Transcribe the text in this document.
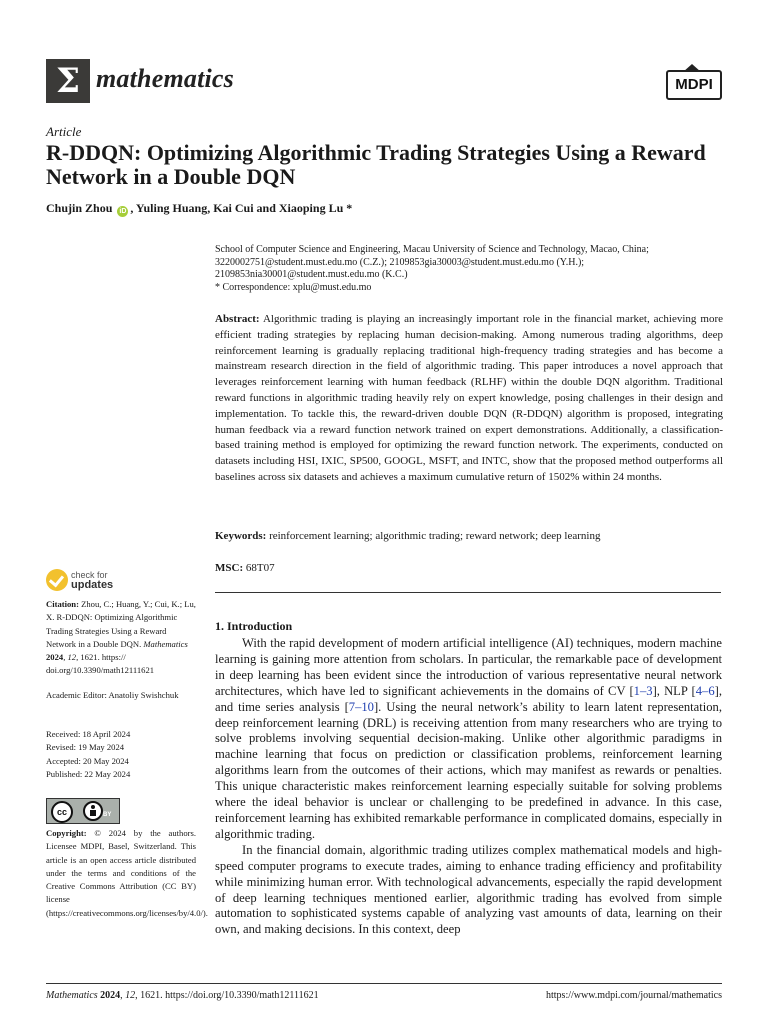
Σ mathematics	MDPI
Article
R-DDQN: Optimizing Algorithmic Trading Strategies Using a Reward Network in a Double DQN
Chujin Zhou iD , Yuling Huang, Kai Cui and Xiaoping Lu *
School of Computer Science and Engineering, Macau University of Science and Technology, Macao, China;
3220002751@student.must.edu.mo (C.Z.); 2109853gia30003@student.must.edu.mo (Y.H.);
2109853nia30001@student.must.edu.mo (K.C.)
* Correspondence: xplu@must.edu.mo
Abstract: Algorithmic trading is playing an increasingly important role in the financial market, achieving more efficient trading strategies by replacing human decision-making. Among numerous trading algorithms, deep reinforcement learning is gradually replacing traditional high-frequency trading strategies and has become a mainstream research direction in the field of algorithmic trading. This paper introduces a novel approach that leverages reinforcement learning with human feedback (RLHF) within the double DQN algorithm. Traditional reward functions in algorithmic trading heavily rely on expert knowledge, posing challenges in their design and implementation. To tackle this, the reward-driven double DQN (R-DDQN) algorithm is proposed, integrating human feedback via a reward function network trained on expert demonstrations. Additionally, a classification-based training method is employed for optimizing the reward function network. The experiments, conducted on datasets including HSI, IXIC, SP500, GOOGL, MSFT, and INTC, show that the proposed method outperforms all baselines across six datasets and achieves a maximum cumulative return of 1502% within 24 months.
Keywords: reinforcement learning; algorithmic trading; reward network; deep learning
MSC: 68T07
1. Introduction

With the rapid development of modern artificial intelligence (AI) techniques, modern machine learning is gaining more attention from scholars. In particular, the remarkable pace of development in deep learning has been evident since the introduction of various representative neural network architectures, which have led to significant achievements in the domains of CV [1–3], NLP [4–6], and time series analysis [7–10]. Using the neural network’s ability to learn latent representation, deep reinforcement learning (DRL) is receiving attention from many researchers who are trying to solve problems involving sequential decision-making. Unlike other algorithmic paradigms in machine learning that focus on prediction or classification problems, reinforcement learning algorithms learn from the outcomes of their actions, which may manifest as rewards or penalties. This unique characteristic makes reinforcement learning especially suitable for solving problems where the ideal behavior is unclear or challenging to be predefined in advance. In this case, reinforcement learning has exhibited remarkable performance in complicated domains, especially in algorithmic trading.

In the financial domain, algorithmic trading utilizes complex mathematical models and high-speed computer programs to execute trades, aiming to enhance trading efficiency and profitability while minimizing human error. With technological advancements, especially the rapid development of deep learning techniques mentioned earlier, algorithmic trading has evolved from simple automation to sophisticated systems capable of analyzing vast amounts of data, learning on their own, and making decisions. In this context, deep

check for
updates
Citation: Zhou, C.; Huang, Y.; Cui, K.; Lu, X. R-DDQN: Optimizing Algorithmic Trading Strategies Using a Reward Network in a Double DQN. Mathematics 2024, 12, 1621. https:// doi.org/10.3390/math12111621
Academic Editor: Anatoliy Swishchuk
Received: 18 April 2024
Revised: 19 May 2024
Accepted: 20 May 2024
Published: 22 May 2024
cc	BY
Copyright: © 2024 by the authors. Licensee MDPI, Basel, Switzerland. This article is an open access article distributed under the terms and conditions of the Creative Commons Attribution (CC BY) license (https://creativecommons.org/licenses/by/4.0/).
Mathematics 2024, 12, 1621. https://doi.org/10.3390/math12111621	https://www.mdpi.com/journal/mathematics
